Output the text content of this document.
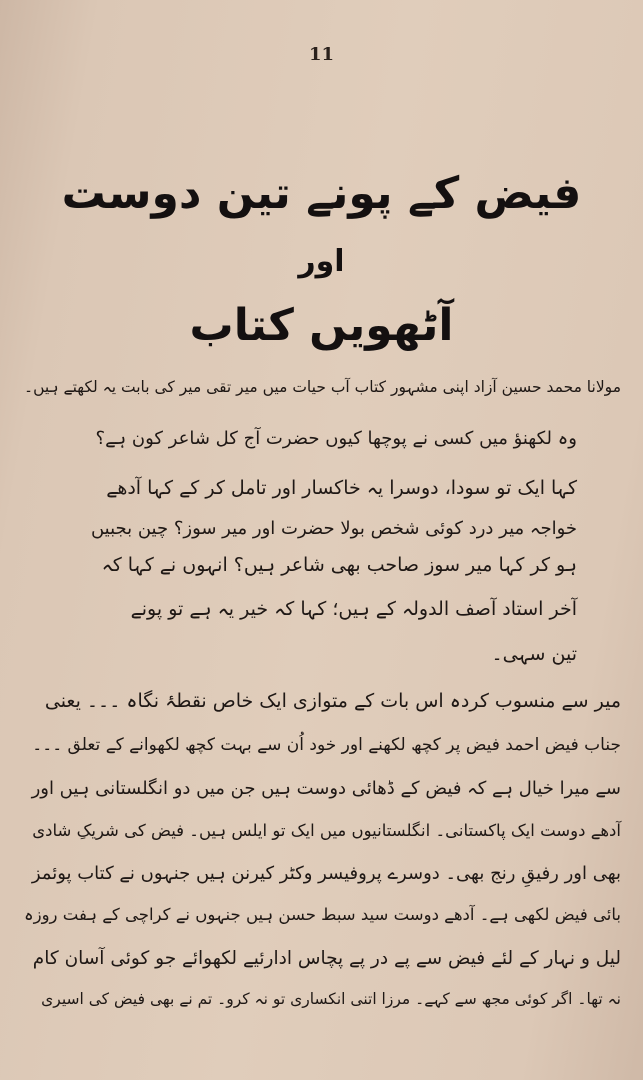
11
فیض کے پونے تین دوست
اور
آٹھویں کتاب
مولانا محمد حسین آزاد اپنی مشہور کتاب آب حیات میں میر تقی میر کی بابت یہ لکھتے ہیں۔
وہ لکھنؤ میں کسی نے پوچھا کیوں حضرت آج کل شاعر کون ہے؟
کہا ایک تو سودا، دوسرا یہ خاکسار اور تامل کر کے کہا آدھے
خواجہ میر درد کوئی شخص بولا حضرت اور میر سوز؟ چین بجبیں
ہو کر کہا میر سوز صاحب بھی شاعر ہیں؟ انہوں نے کہا کہ
آخر استاد آصف الدولہ کے ہیں؛ کہا کہ خیر یہ ہے تو پونے
تین سہی۔
میر سے منسوب کردہ اس بات کے متوازی ایک خاص نقطۂ نگاہ ۔۔۔ یعنی
جناب فیض احمد فیض پر کچھ لکھنے اور خود اُن سے بہت کچھ لکھوانے کے تعلق ۔۔۔
سے میرا خیال ہے کہ فیض کے ڈھائی دوست ہیں جن میں دو انگلستانی ہیں اور
آدھے دوست ایک پاکستانی۔ انگلستانیوں میں ایک تو ایلس ہیں۔ فیض کی شریکِ شادی
بھی اور رفیقِ رنج بھی۔ دوسرے پروفیسر وکٹر کیرنن ہیں جنہوں نے کتاب پوئمز
بائی فیض لکھی ہے۔ آدھے دوست سید سبط حسن ہیں جنہوں نے کراچی کے ہفت روزہ
لیل و نہار کے لئے فیض سے پے در پے پچاس ادارئیے لکھوائے جو کوئی آسان کام
نہ تھا۔ اگر کوئی مجھ سے کہے۔ مرزا اتنی انکساری تو نہ کرو۔ تم نے بھی فیض کی اسیری
